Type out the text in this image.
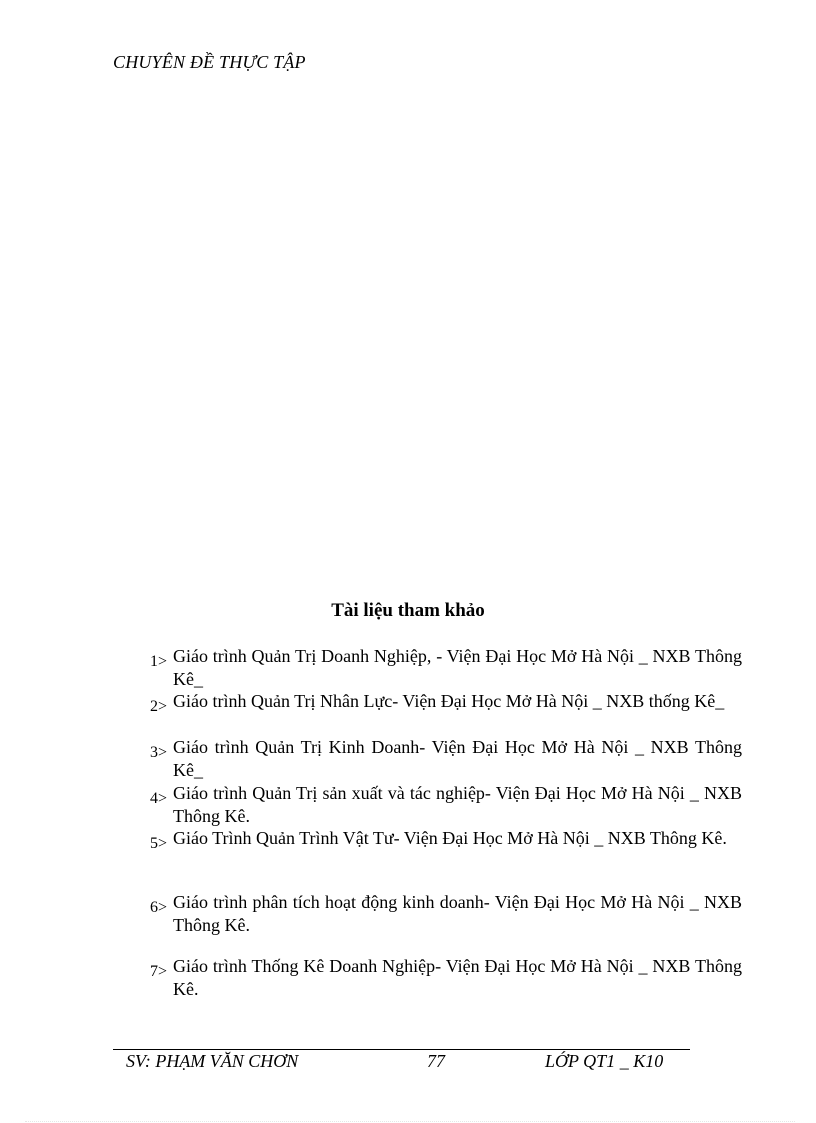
CHUYÊN ĐỀ THỰC TẬP
Tài liệu tham khảo
1> Giáo trình Quản Trị Doanh Nghiệp, - Viện Đại Học Mở Hà Nội _ NXB Thông Kê_
2> Giáo trình Quản Trị Nhân Lực- Viện Đại Học Mở Hà Nội _ NXB thống Kê_
3> Giáo trình Quản Trị Kinh Doanh- Viện Đại Học Mở Hà Nội _ NXB Thông Kê_
4> Giáo trình Quản Trị sản xuất và tác nghiệp- Viện Đại Học Mở Hà Nội _ NXB Thông Kê.
5> Giáo Trình Quản Trình Vật Tư- Viện Đại Học Mở Hà Nội _ NXB Thông Kê.
6> Giáo trình phân tích hoạt động kinh doanh- Viện Đại Học Mở Hà Nội _ NXB Thông Kê.
7> Giáo trình Thống Kê Doanh Nghiệp- Viện Đại Học Mở Hà Nội _ NXB Thông Kê.
SV: PHẠM VĂN CHƠN	77	LỚP QT1 _ K10
